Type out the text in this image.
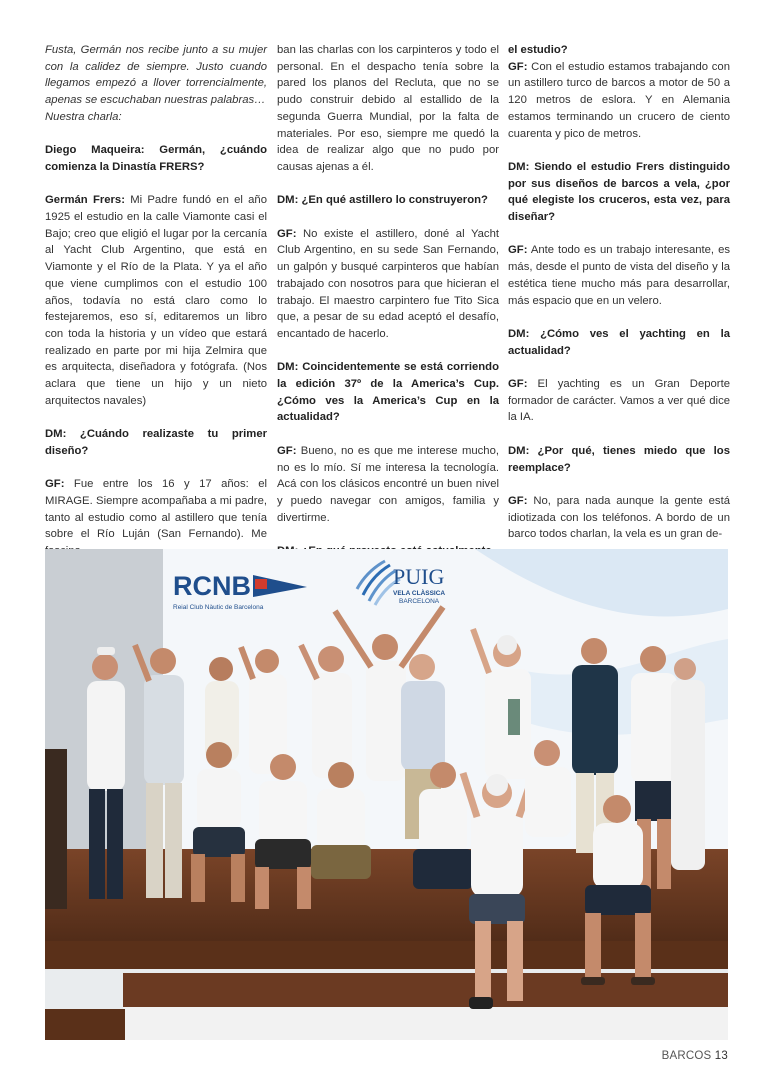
Fusta, Germán nos recibe junto a su mujer con la calidez de siempre. Justo cuando llegamos empezó a llover torrencialmente, apenas se escuchaban nuestras palabras…

Nuestra charla:

Diego Maqueira: Germán, ¿cuándo comienza la Dinastía FRERS?

Germán Frers: Mi Padre fundó en el año 1925 el estudio en la calle Viamonte casi el Bajo; creo que eligió el lugar por la cercanía al Yacht Club Argentino, que está en Viamonte y el Río de la Plata. Y ya el año que viene cumplimos con el estudio 100 años, todavía no está claro como lo festejaremos, eso sí, editaremos un libro con toda la historia y un vídeo que estará realizado en parte por mi hija Zelmira que es arquitecta, diseñadora y fotógrafa. (Nos aclara que tiene un hijo y un nieto arquitectos navales)

DM: ¿Cuándo realizaste tu primer diseño?

GF: Fue entre los 16 y 17 años: el MIRAGE. Siempre acompañaba a mi padre, tanto al estudio como al astillero que tenía sobre el Río Luján (San Fernando). Me

ban las charlas con los carpinteros y todo el personal. En el despacho tenía sobre la pared los planos del Recluta, que no se pudo construir debido al estallido de la segunda Guerra Mundial, por la falta de materiales. Por eso, siempre me quedó la idea de realizar algo que no pudo por causas ajenas a él.

DM: ¿En qué astillero lo construyeron?

GF: No existe el astillero, doné al Yacht Club Argentino, en su sede San Fernando, un galpón y busqué carpinteros que habían trabajado con nosotros para que hicieran el trabajo. El maestro carpintero fue Tito Sica que, a pesar de su edad aceptó el desafío, encantado de hacerlo.

DM: Coincidentemente se está corriendo la edición 37º de la America’s Cup. ¿Cómo ves la America’s Cup en la actualidad?

GF: Bueno, no es que me interese mucho, no es lo mío. Sí me interesa la tecnología. Acá con los clásicos encontré un buen nivel y puedo navegar con amigos, familia y divertirme.

el estudio?

GF: Con el estudio estamos trabajando con un astillero turco de barcos a motor de 50 a 120 metros de eslora. Y en Alemania estamos terminando un crucero de ciento cuarenta y pico de metros.

DM: Siendo el estudio Frers distinguido por sus diseños de barcos a vela, ¿por qué elegiste los cruceros, esta vez, para diseñar?

GF: Ante todo es un trabajo interesante, es más, desde el punto de vista del diseño y la estética tiene mucho más para desarrollar, más espacio que en un velero.

DM: ¿Cómo ves el yachting en la actualidad?

GF: El yachting es un Gran Deporte formador de carácter. Vamos a ver qué dice la IA.

DM: ¿Por qué, tienes miedo que los reemplace?

GF: No, para nada aunque la gente está idiotizada con los teléfonos. A bordo de un barco todos charlan, la vela es un gran de-

RCNB
Reial Club Nàutic de Barcelona
PUIG
VELA CLÀSSICA
BARCELONA
BARCOS 13
